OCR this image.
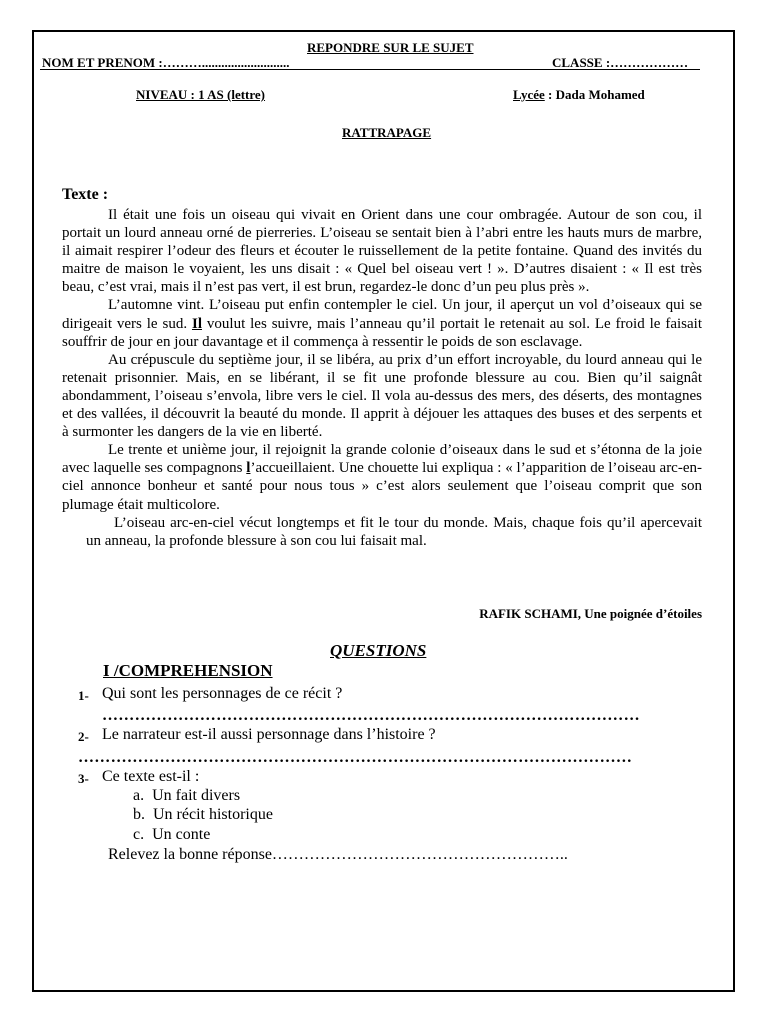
REPONDRE SUR LE SUJET
NOM ET PRENOM :………...........................	CLASSE :………………
NIVEAU : 1 AS (lettre)	Lycée : Dada Mohamed
RATTRAPAGE
Texte :

Il était une fois un oiseau qui vivait en Orient dans une cour ombragée. Autour de son cou, il portait un lourd anneau orné de pierreries. L’oiseau se sentait bien à l’abri entre les hauts murs de marbre, il aimait respirer l’odeur des fleurs et écouter le ruissellement de la petite fontaine. Quand des invités du maitre de maison le voyaient, les uns disait : « Quel bel oiseau vert ! ». D’autres disaient : « Il est très beau, c’est vrai, mais il n’est pas vert, il est brun, regardez-le donc d’un peu plus près ».

L’automne vint. L’oiseau put enfin contempler le ciel. Un jour, il aperçut un vol d’oiseaux qui se dirigeait vers le sud. Il voulut les suivre, mais l’anneau qu’il portait le retenait au sol. Le froid le faisait souffrir de jour en jour davantage et il commença à ressentir le poids de son esclavage.

Au crépuscule du septième jour, il se libéra, au prix d’un effort incroyable, du lourd anneau qui le retenait prisonnier. Mais, en se libérant, il se fit une profonde blessure au cou. Bien qu’il saignât abondamment, l’oiseau s’envola, libre vers le ciel. Il vola au-dessus des mers, des déserts, des montagnes et des vallées, il découvrit la beauté du monde. Il apprit à déjouer les attaques des buses et des serpents et à surmonter les dangers de la vie en liberté.

Le trente et unième jour, il rejoignit la grande colonie d’oiseaux dans le sud et s’étonna de la joie avec laquelle ses compagnons l’accueillaient. Une chouette lui expliqua : « l’apparition de l’oiseau arc-en-ciel annonce bonheur et santé pour nous tous » c’est alors seulement que l’oiseau comprit que son plumage était multicolore.

L’oiseau arc-en-ciel vécut longtemps et fit le tour du monde. Mais, chaque fois qu’il apercevait un anneau, la profonde blessure à son cou lui faisait mal.

RAFIK SCHAMI, Une poignée d’étoiles
QUESTIONS
I /COMPREHENSION
1- Qui sont les personnages de ce récit ?
………………………………………………………………………………………
2- Le narrateur est-il aussi personnage dans l’histoire ?
…………………………………………………………………………………………
3- Ce texte est-il :
a. Un fait divers
b. Un récit historique
c. Un conte
Relevez la bonne réponse………………………………………………..
